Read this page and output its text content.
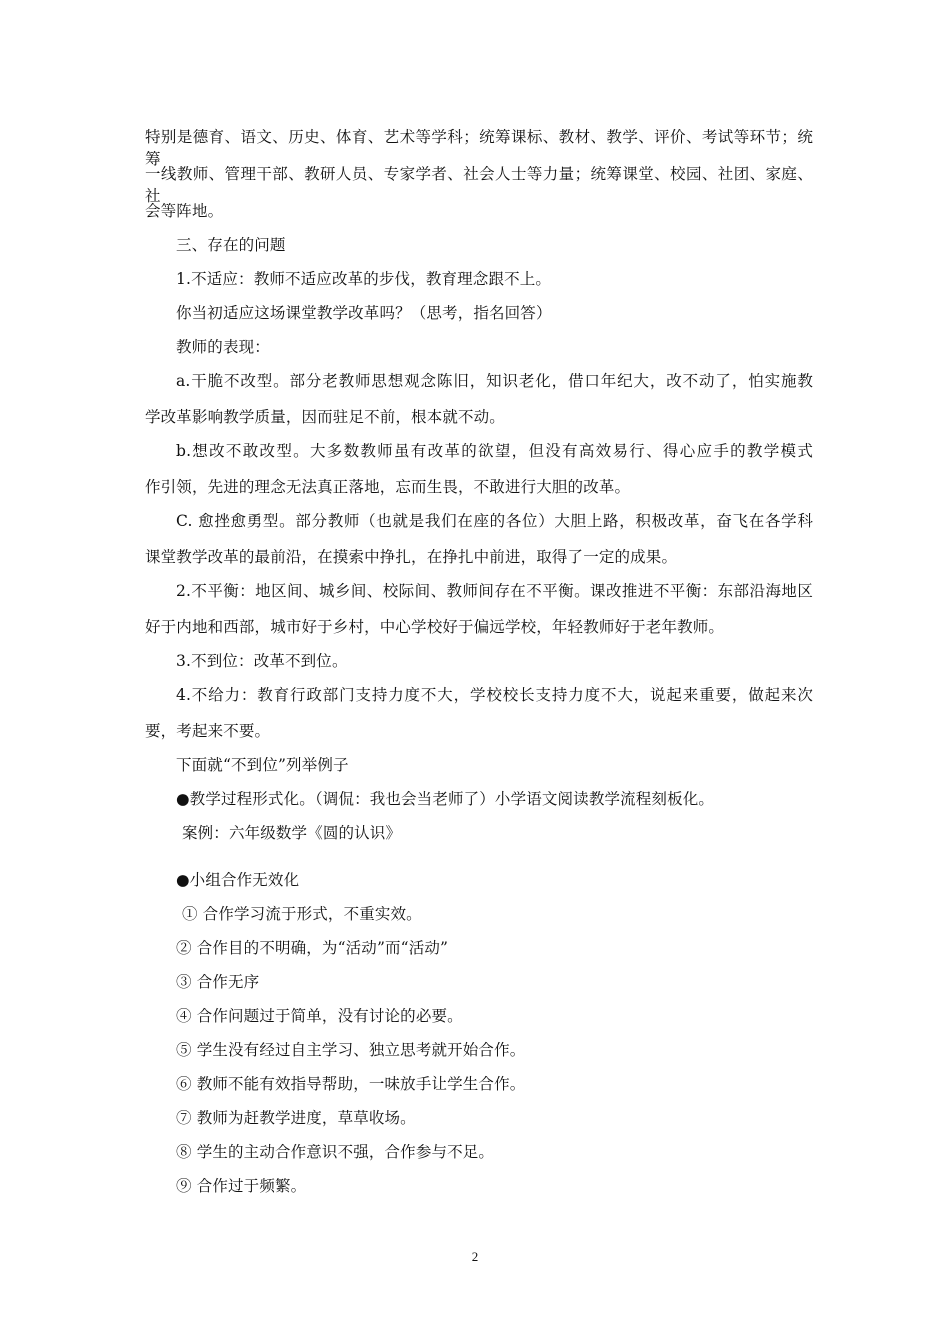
特别是德育、语文、历史、体育、艺术等学科；统筹课标、教材、教学、评价、考试等环节；统筹
一线教师、管理干部、教研人员、专家学者、社会人士等力量；统筹课堂、校园、社团、家庭、社
会等阵地。
三、存在的问题
1.不适应：教师不适应改革的步伐，教育理念跟不上。
你当初适应这场课堂教学改革吗？（思考，指名回答）
教师的表现：
a.干脆不改型。部分老教师思想观念陈旧，知识老化，借口年纪大，改不动了，怕实施教
学改革影响教学质量，因而驻足不前，根本就不动。
b.想改不敢改型。大多数教师虽有改革的欲望，但没有高效易行、得心应手的教学模式
作引领，先进的理念无法真正落地，忘而生畏，不敢进行大胆的改革。
C. 愈挫愈勇型。部分教师（也就是我们在座的各位）大胆上路，积极改革，奋飞在各学科
课堂教学改革的最前沿，在摸索中挣扎，在挣扎中前进，取得了一定的成果。
2.不平衡：地区间、城乡间、校际间、教师间存在不平衡。课改推进不平衡：东部沿海地区
好于内地和西部，城市好于乡村，中心学校好于偏远学校，年轻教师好于老年教师。
3.不到位：改革不到位。
4.不给力：教育行政部门支持力度不大，学校校长支持力度不大，说起来重要，做起来次
要，考起来不要。
下面就“不到位”列举例子
●教学过程形式化。（调侃：我也会当老师了）小学语文阅读教学流程刻板化。
案例：六年级数学《圆的认识》
●小组合作无效化
① 合作学习流于形式，不重实效。
② 合作目的不明确，为“活动”而“活动”
③ 合作无序
④ 合作问题过于简单，没有讨论的必要。
⑤ 学生没有经过自主学习、独立思考就开始合作。
⑥ 教师不能有效指导帮助，一味放手让学生合作。
⑦ 教师为赶教学进度，草草收场。
⑧ 学生的主动合作意识不强，合作参与不足。
⑨ 合作过于频繁。
2
